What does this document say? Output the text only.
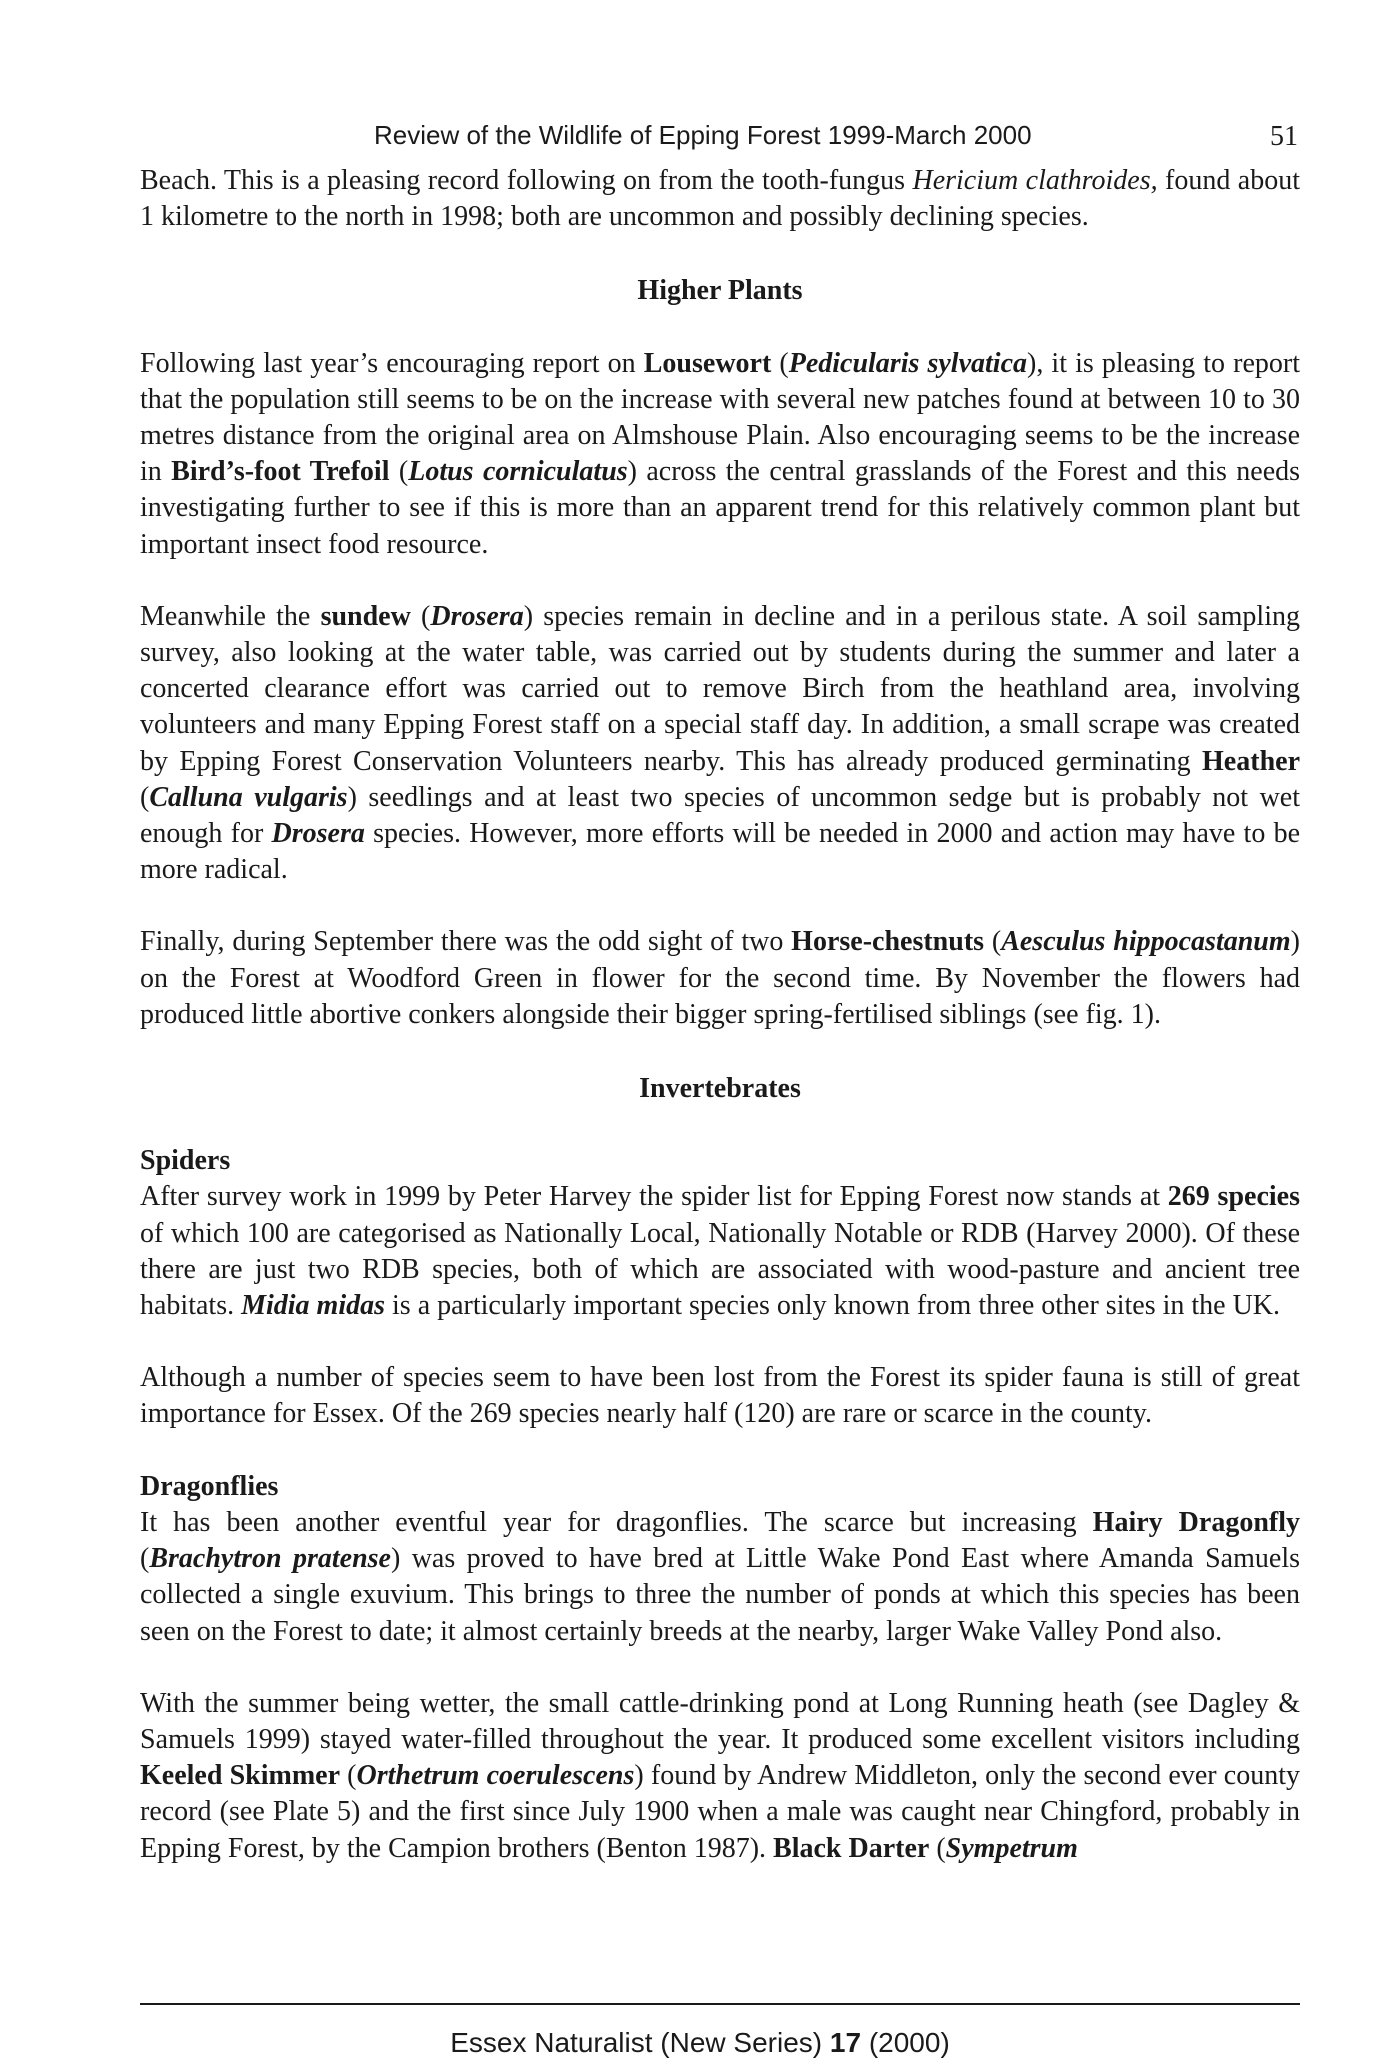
Review of the Wildlife of Epping Forest 1999-March 2000	51

Beach. This is a pleasing record following on from the tooth-fungus Hericium clathroides, found about 1 kilometre to the north in 1998; both are uncommon and possibly declining species.

Higher Plants

Following last year’s encouraging report on Lousewort (Pedicularis sylvatica), it is pleasing to report that the population still seems to be on the increase with several new patches found at between 10 to 30 metres distance from the original area on Almshouse Plain. Also encouraging seems to be the increase in Bird’s-foot Trefoil (Lotus corniculatus) across the central grasslands of the Forest and this needs investigating further to see if this is more than an apparent trend for this relatively common plant but important insect food resource.

Meanwhile the sundew (Drosera) species remain in decline and in a perilous state. A soil sampling survey, also looking at the water table, was carried out by students during the summer and later a concerted clearance effort was carried out to remove Birch from the heathland area, involving volunteers and many Epping Forest staff on a special staff day. In addition, a small scrape was created by Epping Forest Conservation Volunteers nearby. This has already produced germinating Heather (Calluna vulgaris) seedlings and at least two species of uncommon sedge but is probably not wet enough for Drosera species. However, more efforts will be needed in 2000 and action may have to be more radical.

Finally, during September there was the odd sight of two Horse-chestnuts (Aesculus hippocastanum) on the Forest at Woodford Green in flower for the second time. By November the flowers had produced little abortive conkers alongside their bigger spring-fertilised siblings (see fig. 1).

Invertebrates
Spiders

After survey work in 1999 by Peter Harvey the spider list for Epping Forest now stands at 269 species of which 100 are categorised as Nationally Local, Nationally Notable or RDB (Harvey 2000). Of these there are just two RDB species, both of which are associated with wood-pasture and ancient tree habitats. Midia midas is a particularly important species only known from three other sites in the UK.

Although a number of species seem to have been lost from the Forest its spider fauna is still of great importance for Essex. Of the 269 species nearly half (120) are rare or scarce in the county.

Dragonflies

It has been another eventful year for dragonflies. The scarce but increasing Hairy Dragonfly (Brachytron pratense) was proved to have bred at Little Wake Pond East where Amanda Samuels collected a single exuvium. This brings to three the number of ponds at which this species has been seen on the Forest to date; it almost certainly breeds at the nearby, larger Wake Valley Pond also.

With the summer being wetter, the small cattle-drinking pond at Long Running heath (see Dagley & Samuels 1999) stayed water-filled throughout the year. It produced some excellent visitors including Keeled Skimmer (Orthetrum coerulescens) found by Andrew Middleton, only the second ever county record (see Plate 5) and the first since July 1900 when a male was caught near Chingford, probably in Epping Forest, by the Campion brothers (Benton 1987). Black Darter (Sympetrum

Essex Naturalist (New Series) 17 (2000)
